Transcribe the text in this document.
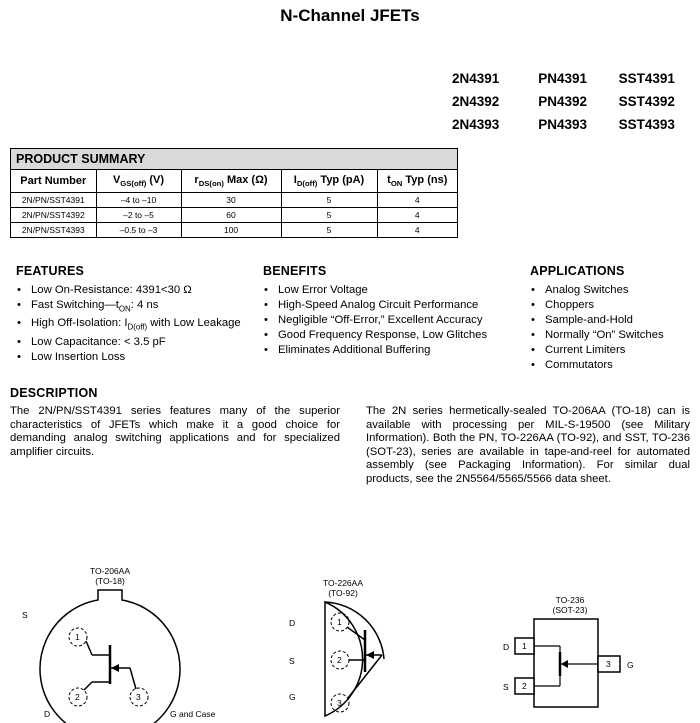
N-Channel JFETs
2N4391	PN4391	SST4391
2N4392	PN4392	SST4392
2N4393	PN4393	SST4393
PRODUCT SUMMARY
Part Number	$V_{GS(off)}$ (V)	$r_{DS(on)}$ Max (Ω)	$I_{D(off)}$ Typ (pA)	$t_{ON}$ Typ (ns)
2N/PN/SST4391	–4 to –10	30	5	4
2N/PN/SST4392	–2 to –5	60	5	4
2N/PN/SST4393	–0.5 to –3	100	5	4
FEATURES
• Low On-Resistance: 4391<30 Ω
• Fast $Switching—t_{ON}$: 4 ns
• High Off-Isolation: $I_{D(off)}$ with Low Leakage
• Low Capacitance: < 3.5 pF
• Low Insertion Loss
BENEFITS
• Low Error Voltage
• High-Speed Analog Circuit Performance
• Negligible “Off-Error,” Excellent Accuracy
• Good Frequency Response, Low Glitches
• Eliminates Additional Buffering
APPLICATIONS
• Analog Switches
• Choppers
• Sample-and-Hold
• Normally “On” Switches
• Current Limiters
• Commutators
DESCRIPTION
The 2N/PN/SST4391 series features many of the superior characteristics of JFETs which make it a good choice for demanding analog switching applications and for specialized amplifier circuits.
The 2N series hermetically-sealed TO-206AA (TO-18) can is available with processing per MIL-S-19500 (see Military Information). Both the PN, TO-226AA (TO-92), and SST, TO-236 (SOT-23), series are available in tape-and-reel for automated assembly (see Packaging Information). For similar dual products, see the 2N5564/5565/5566 data sheet.
TO-206AA
(TO-18)
S
D	G and Case
1
2	3
TO-226AA
(TO-92)
D
S
G
1
2
3
TO-236
(SOT-23)
D
S
G
1
2
3
